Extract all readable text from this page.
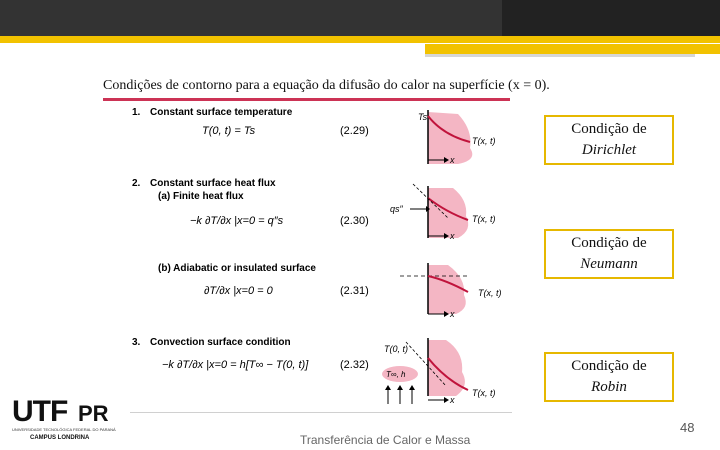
Condições de contorno para a equação da difusão do calor na superfície (x = 0).
1. Constant surface temperature
T(0, t) = Ts	(2.29)
Ts
T(x, t)
x
2. Constant surface heat flux
(a) Finite heat flux
−k ∂T/∂x |x=0 = q″s	(2.30)
qs″
T(x, t)
x
(b) Adiabatic or insulated surface
∂T/∂x |x=0 = 0	(2.31)	T(x, t)
x
3. Convection surface condition
−k ∂T/∂x |x=0 = h[T∞ − T(0, t)]	(2.32)
T(0, t)
T∞, h
T(x, t)
x
Condição de
Dirichlet
Condição de
Neumann
Condição de
Robin
UTF PR
UNIVERSIDADE TECNOLÓGICA FEDERAL DO PARANÁ
CAMPUS LONDRINA	Transferência de Calor e Massa
48
